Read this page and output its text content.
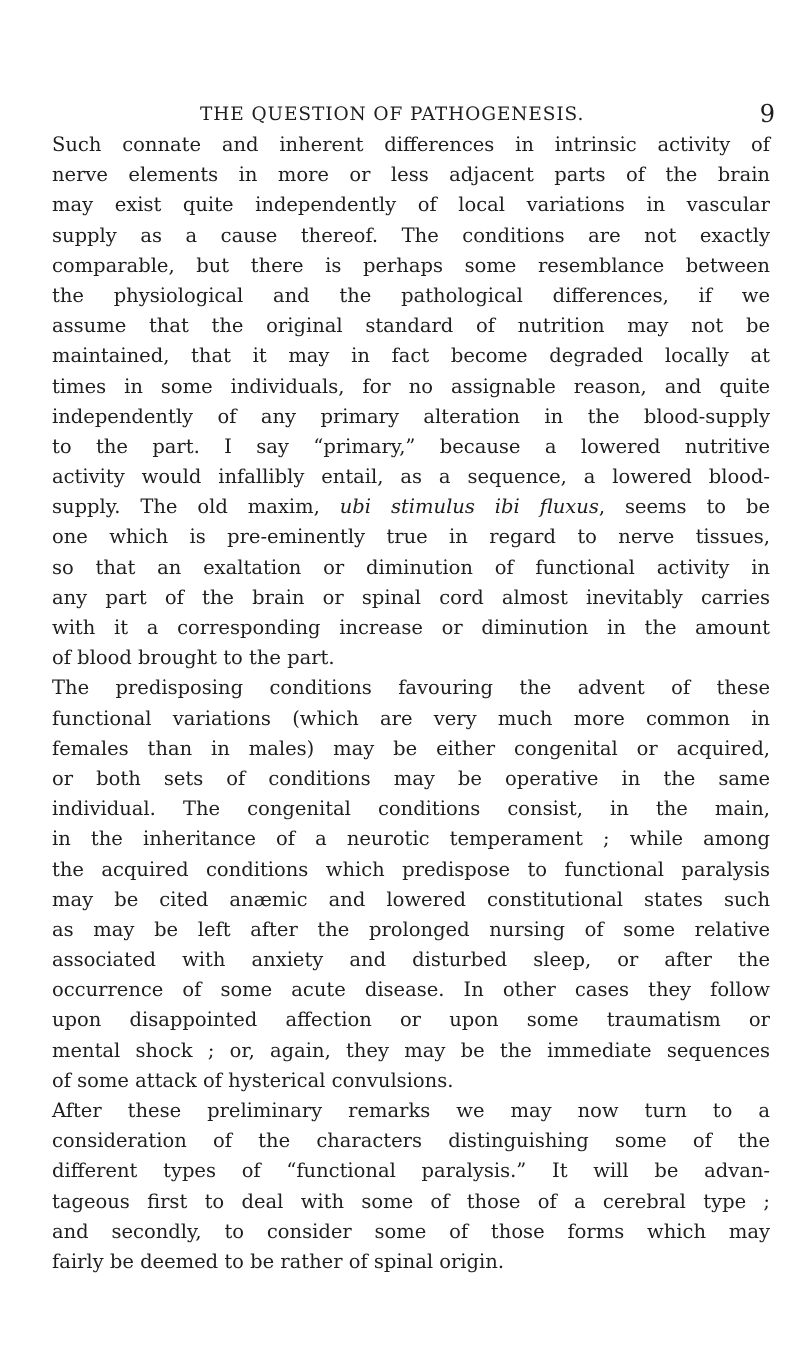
THE QUESTION OF PATHOGENESIS.	9
Such connate and inherent differences in intrinsic activity of
nerve elements in more or less adjacent parts of the brain
may exist quite independently of local variations in vascular
supply as a cause thereof. The conditions are not exactly
comparable, but there is perhaps some resemblance between
the physiological and the pathological differences, if we
assume that the original standard of nutrition may not be
maintained, that it may in fact become degraded locally at
times in some individuals, for no assignable reason, and quite
independently of any primary alteration in the blood-supply
to the part. I say “primary,” because a lowered nutritive
activity would infallibly entail, as a sequence, a lowered blood-
supply. The old maxim, ubi stimulus ibi fluxus, seems to be
one which is pre-eminently true in regard to nerve tissues,
so that an exaltation or diminution of functional activity in
any part of the brain or spinal cord almost inevitably carries
with it a corresponding increase or diminution in the amount
of blood brought to the part.
The predisposing conditions favouring the advent of these
functional variations (which are very much more common in
females than in males) may be either congenital or acquired,
or both sets of conditions may be operative in the same
individual. The congenital conditions consist, in the main,
in the inheritance of a neurotic temperament ; while among
the acquired conditions which predispose to functional paralysis
may be cited anæmic and lowered constitutional states such
as may be left after the prolonged nursing of some relative
associated with anxiety and disturbed sleep, or after the
occurrence of some acute disease. In other cases they follow
upon disappointed affection or upon some traumatism or
mental shock ; or, again, they may be the immediate sequences
of some attack of hysterical convulsions.
After these preliminary remarks we may now turn to a
consideration of the characters distinguishing some of the
different types of “functional paralysis.” It will be advan-
tageous first to deal with some of those of a cerebral type ;
and secondly, to consider some of those forms which may
fairly be deemed to be rather of spinal origin.
